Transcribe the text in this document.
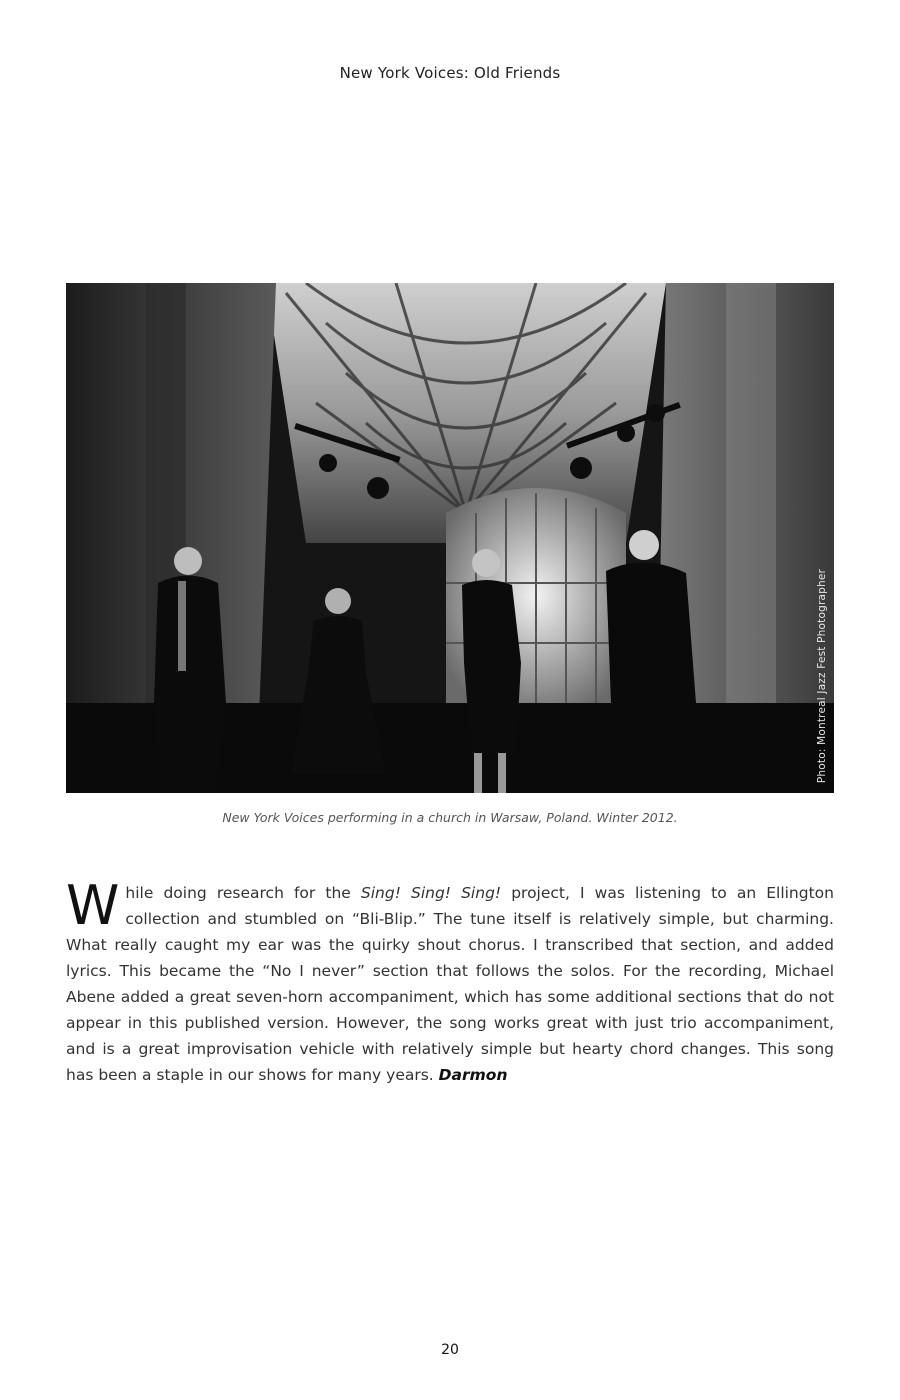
New York Voices: Old Friends
Photo: Montreal Jazz Fest Photographer
New York Voices performing in a church in Warsaw, Poland. Winter 2012.
While doing research for the Sing! Sing! Sing! project, I was listening to an Ellington collection and stumbled on “Bli-Blip.” The tune itself is relatively simple, but charming. What really caught my ear was the quirky shout chorus. I transcribed that section, and added lyrics. This became the “No I never” section that follows the solos. For the recording, Michael Abene added a great seven-horn accompaniment, which has some additional sections that do not appear in this published version. However, the song works great with just trio accompaniment, and is a great improvisation vehicle with relatively simple but hearty chord changes. This song has been a staple in our shows for many years. Darmon
20
